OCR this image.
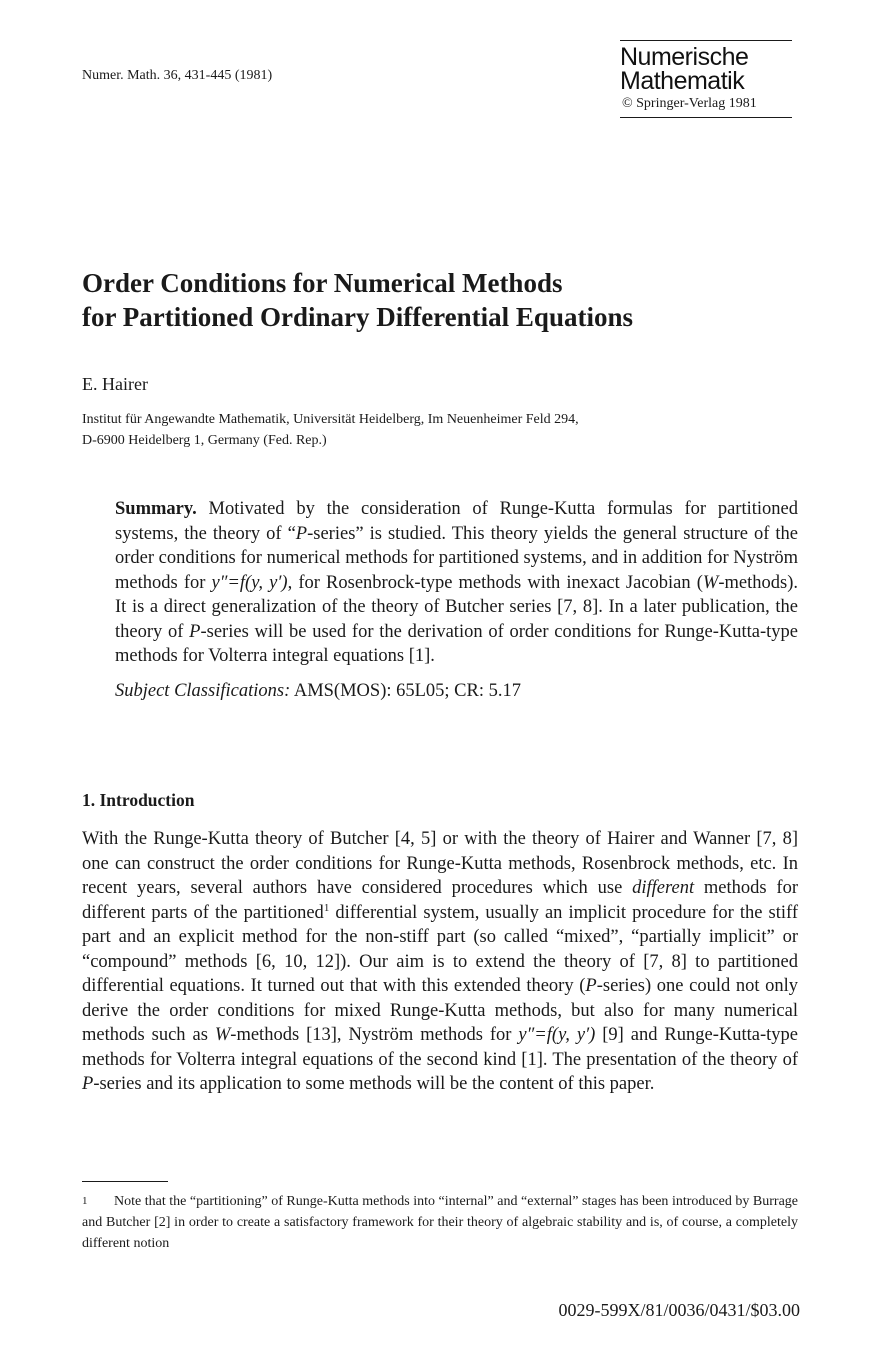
Numer. Math. 36, 431-445 (1981)
Numerische
Mathematik
© Springer-Verlag 1981
Order Conditions for Numerical Methods
for Partitioned Ordinary Differential Equations
E. Hairer
Institut für Angewandte Mathematik, Universität Heidelberg, Im Neuenheimer Feld 294,
D-6900 Heidelberg 1, Germany (Fed. Rep.)

Summary. Motivated by the consideration of Runge-Kutta formulas for partitioned systems, the theory of “P-series” is studied. This theory yields the general structure of the order conditions for numerical methods for partitioned systems, and in addition for Nyström methods for y″=f(y, y′), for Rosenbrock-type methods with inexact Jacobian (W-methods). It is a direct generalization of the theory of Butcher series [7, 8]. In a later publication, the theory of P-series will be used for the derivation of order conditions for Runge-Kutta-type methods for Volterra integral equations [1].

Subject Classifications: AMS(MOS): 65L05; CR: 5.17

1. Introduction

With the Runge-Kutta theory of Butcher [4, 5] or with the theory of Hairer and Wanner [7, 8] one can construct the order conditions for Runge-Kutta methods, Rosenbrock methods, etc. In recent years, several authors have considered procedures which use different methods for different parts of the partitioned$^1$ differential system, usually an implicit procedure for the stiff part and an explicit method for the non-stiff part (so called “mixed”, “partially implicit” or “compound” methods [6, 10, 12]). Our aim is to extend the theory of [7, 8] to partitioned differential equations. It turned out that with this extended theory (P-series) one could not only derive the order conditions for mixed Runge-Kutta methods, but also for many numerical methods such as W-methods [13], Nyström methods for y″=f(y, y′) [9] and Runge-Kutta-type methods for Volterra integral equations of the second kind [1]. The presentation of the theory of P-series and its application to some methods will be the content of this paper.

1 Note that the “partitioning” of Runge-Kutta methods into “internal” and “external” stages has been introduced by Burrage and Butcher [2] in order to create a satisfactory framework for their theory of algebraic stability and is, of course, a completely different notion

0029-599X/81/0036/0431/$03.00
